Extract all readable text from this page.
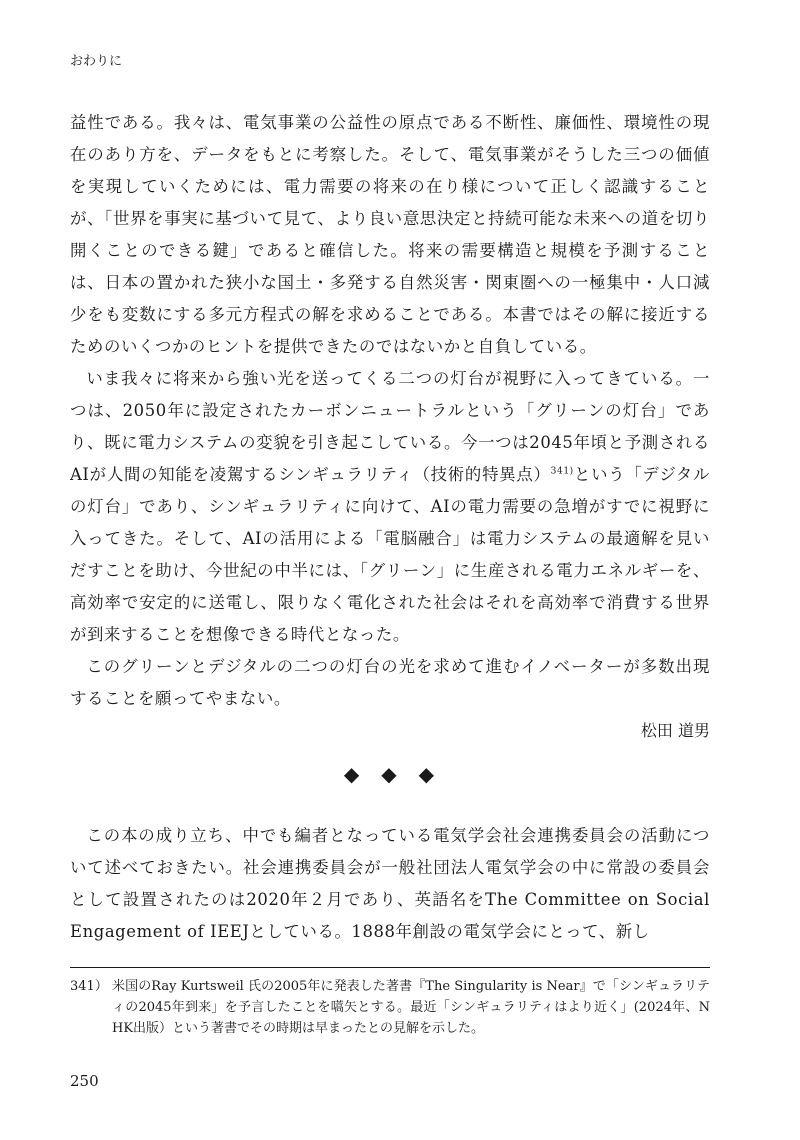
おわりに

益性である。我々は、電気事業の公益性の原点である不断性、廉価性、環境性の現在のあり方を、データをもとに考察した。そして、電気事業がそうした三つの価値を実現していくためには、電力需要の将来の在り様について正しく認識することが、「世界を事実に基づいて見て、より良い意思決定と持続可能な未来への道を切り開くことのできる鍵」であると確信した。将来の需要構造と規模を予測することは、日本の置かれた狭小な国土・多発する自然災害・関東圏への一極集中・人口減少をも変数にする多元方程式の解を求めることである。本書ではその解に接近するためのいくつかのヒントを提供できたのではないかと自負している。

いま我々に将来から強い光を送ってくる二つの灯台が視野に入ってきている。一つは、2050年に設定されたカーボンニュートラルという「グリーンの灯台」であり、既に電力システムの変貌を引き起こしている。今一つは2045年頃と予測されるAIが人間の知能を凌駕するシンギュラリティ（技術的特異点）$^{341)}$という「デジタルの灯台」であり、シンギュラリティに向けて、AIの電力需要の急増がすでに視野に入ってきた。そして、AIの活用による「電脳融合」は電力システムの最適解を見いだすことを助け、今世紀の中半には、「グリーン」に生産される電力エネルギーを、高効率で安定的に送電し、限りなく電化された社会はそれを高効率で消費する世界が到来することを想像できる時代となった。

このグリーンとデジタルの二つの灯台の光を求めて進むイノベーターが多数出現することを願ってやまない。

松田 道男

◆◆◆

この本の成り立ち、中でも編者となっている電気学会社会連携委員会の活動について述べておきたい。社会連携委員会が一般社団法人電気学会の中に常設の委員会として設置されたのは2020年２月であり、英語名をThe Committee on Social Engagement of IEEJとしている。1888年創設の電気学会にとって、新し

341） 米国のRay Kurtsweil 氏の2005年に発表した著書『The Singularity is Near』で「シンギュラリティの2045年到来」を予言したことを嚆矢とする。最近「シンギュラリティはより近く」(2024年、NHK出版）という著書でその時期は早まったとの見解を示した。
250
